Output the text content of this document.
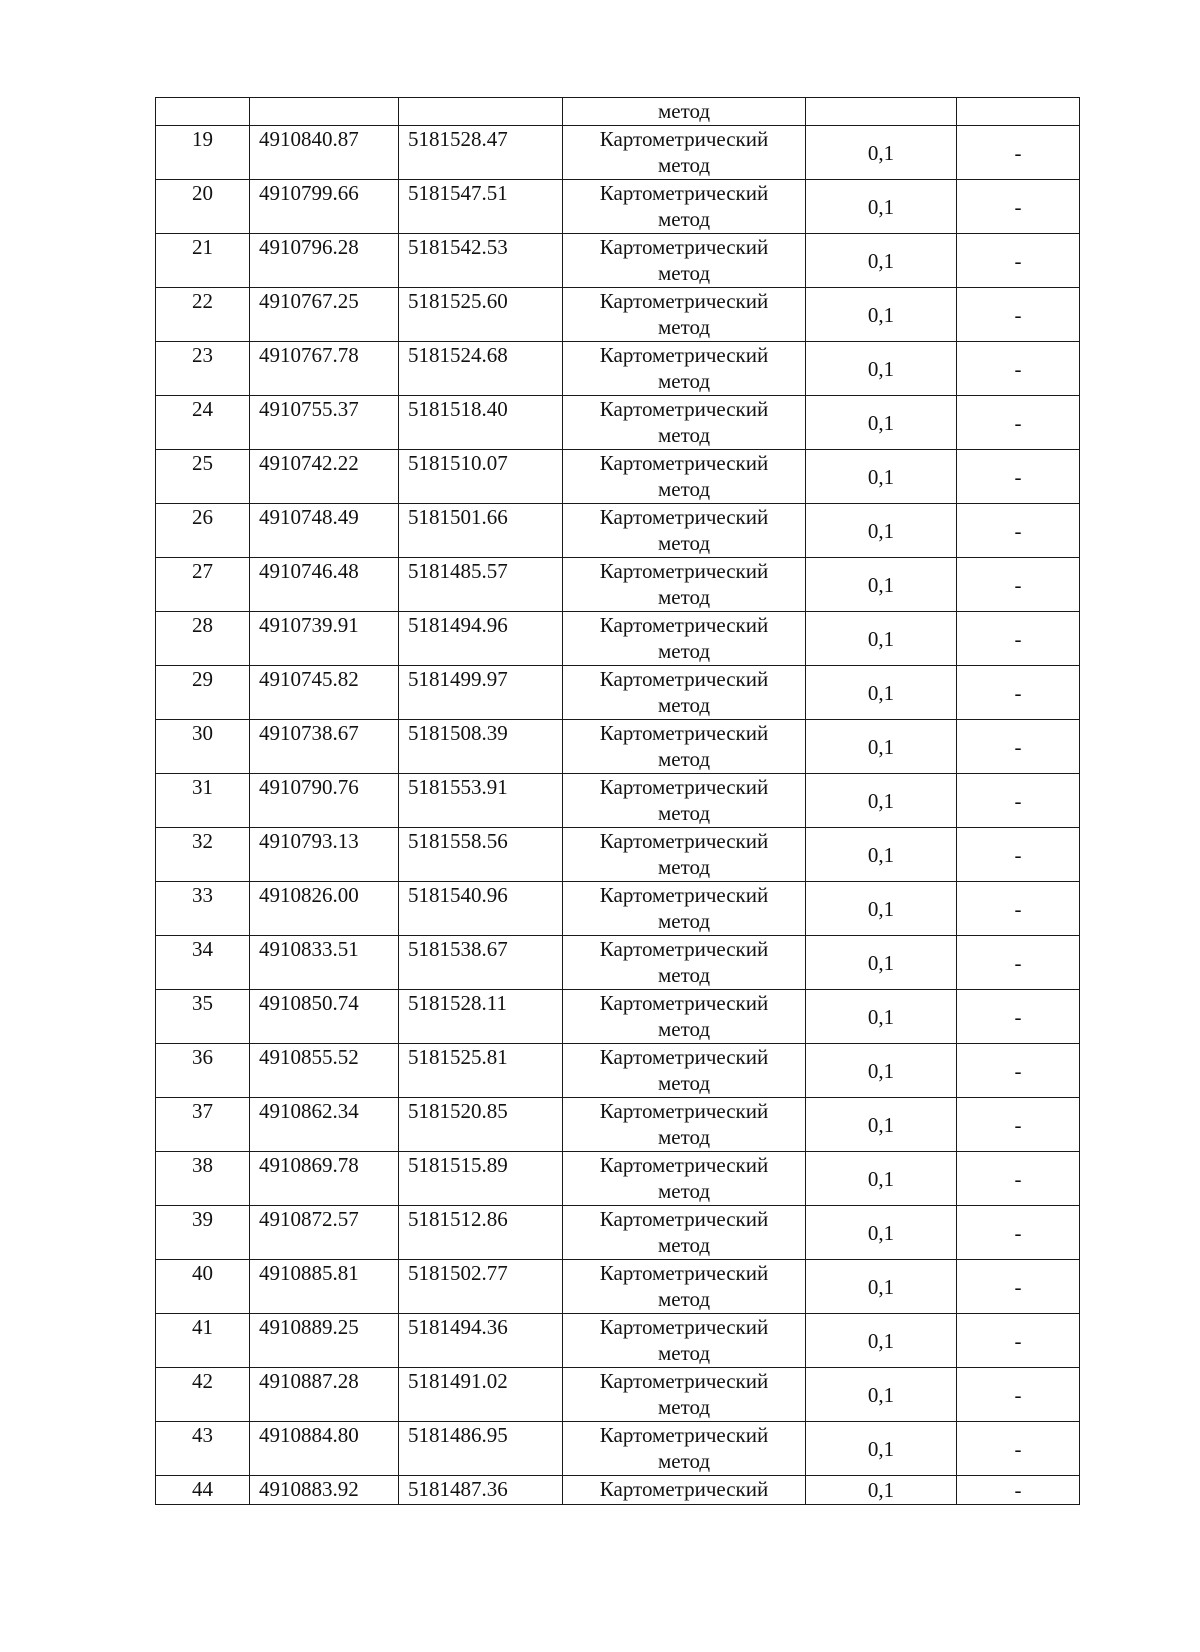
			метод		

19	4910840.87	5181528.47	Картометрический
метод	0,1	-
20	4910799.66	5181547.51	Картометрический
метод	0,1	-
21	4910796.28	5181542.53	Картометрический
метод	0,1	-
22	4910767.25	5181525.60	Картометрический
метод	0,1	-
23	4910767.78	5181524.68	Картометрический
метод	0,1	-
24	4910755.37	5181518.40	Картометрический
метод	0,1	-
25	4910742.22	5181510.07	Картометрический
метод	0,1	-
26	4910748.49	5181501.66	Картометрический
метод	0,1	-
27	4910746.48	5181485.57	Картометрический
метод	0,1	-
28	4910739.91	5181494.96	Картометрический
метод	0,1	-
29	4910745.82	5181499.97	Картометрический
метод	0,1	-
30	4910738.67	5181508.39	Картометрический
метод	0,1	-
31	4910790.76	5181553.91	Картометрический
метод	0,1	-
32	4910793.13	5181558.56	Картометрический
метод	0,1	-
33	4910826.00	5181540.96	Картометрический
метод	0,1	-
34	4910833.51	5181538.67	Картометрический
метод	0,1	-
35	4910850.74	5181528.11	Картометрический
метод	0,1	-
36	4910855.52	5181525.81	Картометрический
метод	0,1	-
37	4910862.34	5181520.85	Картометрический
метод	0,1	-
38	4910869.78	5181515.89	Картометрический
метод	0,1	-
39	4910872.57	5181512.86	Картометрический
метод	0,1	-
40	4910885.81	5181502.77	Картометрический
метод	0,1	-
41	4910889.25	5181494.36	Картометрический
метод	0,1	-
42	4910887.28	5181491.02	Картометрический
метод	0,1	-
43	4910884.80	5181486.95	Картометрический
метод	0,1	-
44	4910883.92	5181487.36	Картометрический	0,1	-
